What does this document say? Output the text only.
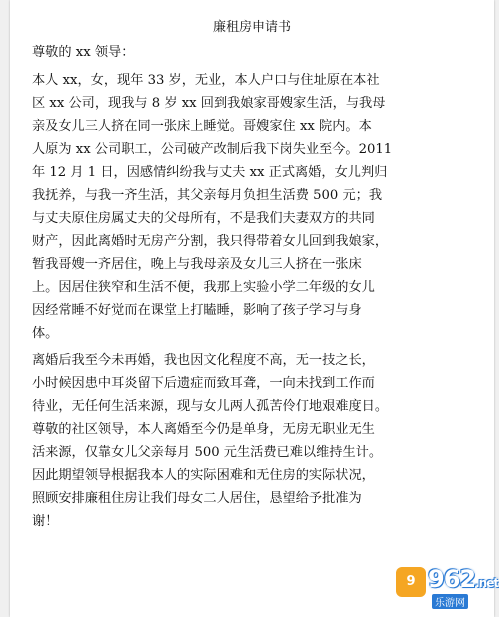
廉租房申请书
尊敬的 xx 领导：
本人 xx，女，现年 33 岁，无业，本人户口与住址原在本社
区 xx 公司，现我与 8 岁 xx 回到我娘家哥嫂家生活，与我母
亲及女儿三人挤在同一张床上睡觉。哥嫂家住 xx 院内。本
人原为 xx 公司职工，公司破产改制后我下岗失业至今。2011
年 12 月 1 日，因感情纠纷我与丈夫 xx 正式离婚，女儿判归
我抚养，与我一齐生活，其父亲每月负担生活费 500 元；我
与丈夫原住房属丈夫的父母所有，不是我们夫妻双方的共同
财产，因此离婚时无房产分割，我只得带着女儿回到我娘家，
暂我哥嫂一齐居住，晚上与我母亲及女儿三人挤在一张床
上。因居住狭窄和生活不便，我那上实验小学二年级的女儿
因经常睡不好觉而在课堂上打瞌睡，影响了孩子学习与身
体。
离婚后我至今未再婚，我也因文化程度不高，无一技之长，
小时候因患中耳炎留下后遗症而致耳聋，一向未找到工作而
待业，无任何生活来源，现与女儿两人孤苦伶仃地艰难度日。
尊敬的社区领导，本人离婚至今仍是单身，无房无职业无生
活来源，仅靠女儿父亲每月 500 元生活费已难以维持生计。
因此期望领导根据我本人的实际困难和无住房的实际状况，
照顾安排廉租住房让我们母女二人居住，恳望给予批准为
谢！
9 962.net
乐游网
